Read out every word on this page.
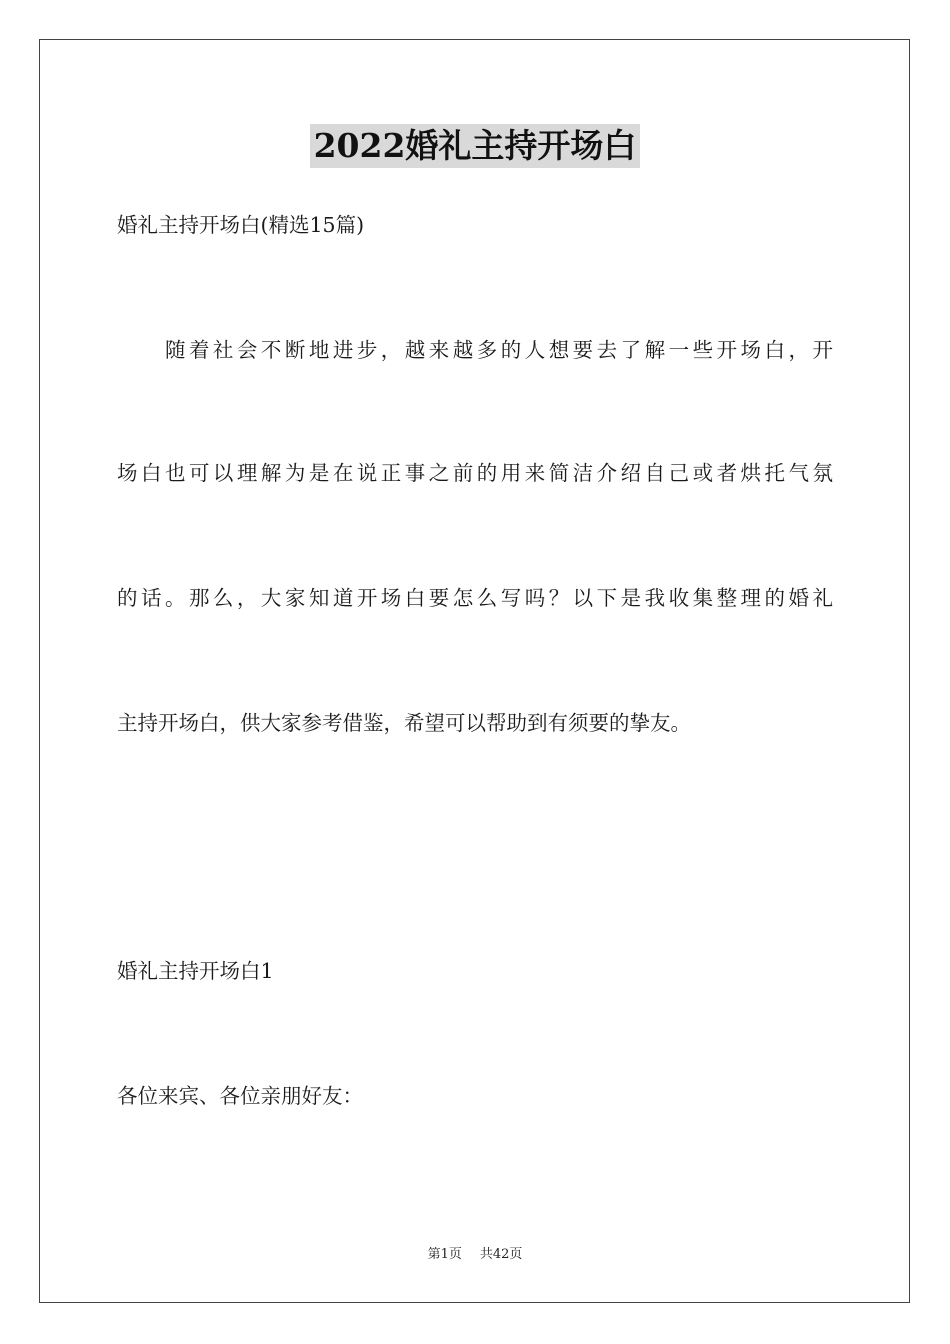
2022婚礼主持开场白
婚礼主持开场白(精选15篇)
　　随着社会不断地进步，越来越多的人想要去了解一些开场白，开
场白也可以理解为是在说正事之前的用来简洁介绍自己或者烘托气氛
的话。那么，大家知道开场白要怎么写吗？以下是我收集整理的婚礼
主持开场白，供大家参考借鉴，希望可以帮助到有须要的挚友。
婚礼主持开场白1
各位来宾、各位亲朋好友：
第1页 共42页
